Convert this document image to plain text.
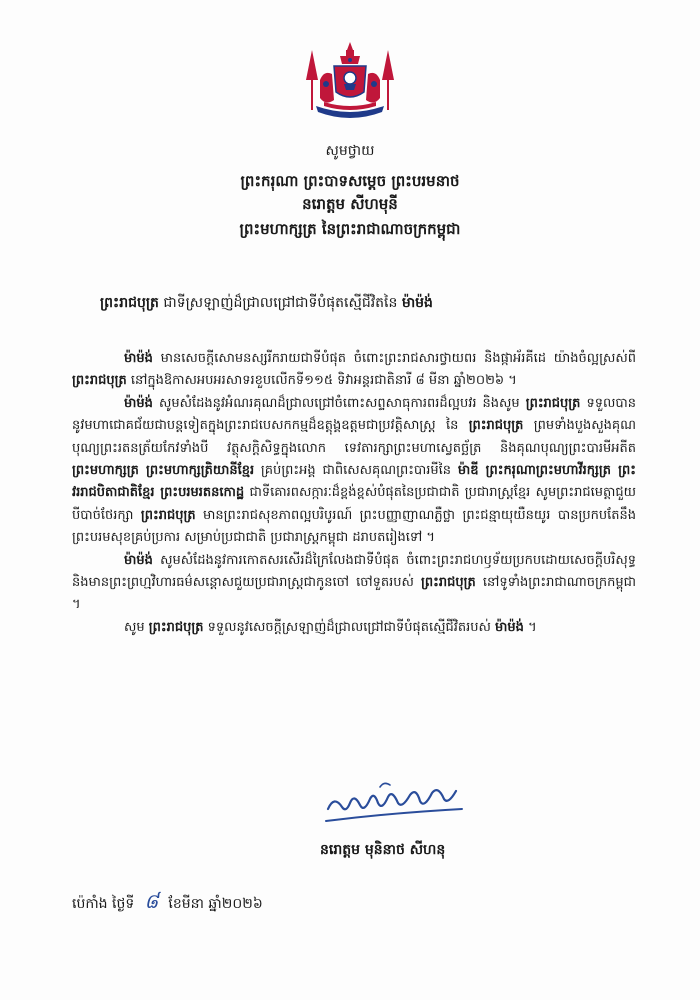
សូមថ្វាយ
ព្រះករុណា ព្រះបាទសម្តេច ព្រះបរមនាថ
នរោត្តម សីហមុនី
ព្រះមហាក្សត្រ នៃព្រះរាជាណាចក្រកម្ពុជា
ព្រះរាជបុត្រ ជាទីស្រឡាញ់ដ៏ជ្រាលជ្រៅជាទីបំផុតស្មើជីវិតនៃ ម៉ាម៉ង់

ម៉ាម៉ង់ មានសេចក្តីសោមនស្សរីករាយជាទីបំផុត ចំពោះព្រះរាជសារថ្វាយពរ និងផ្កាអ័រគីដេ យ៉ាងចំល្អស្រស់ពី ព្រះរាជបុត្រ នៅក្នុងឱកាសអបអរសាទរខួបលើកទី១១៥ ទិវាអន្តរជាតិនារី ៨ មីនា ឆ្នាំ២០២៦ ។

ម៉ាម៉ង់ សូមសំដែងនូវអំណរគុណដ៏ជ្រាលជ្រៅចំពោះសព្ទសាធុការពរដ៏ល្អបវរ និងសូម ព្រះរាជបុត្រ ទទួលបាននូវមហាជោគជ័យជាបន្តទៀតក្នុងព្រះរាជបេសកកម្មដ៏ឧត្តុង្គឧត្តមជាប្រវត្តិសាស្ត្រ នៃ ព្រះរាជបុត្រ ព្រមទាំងបួងសួងគុណបុណ្យព្រះរតនត្រ័យកែវទាំងបី វត្ថុសក្តិសិទ្ធក្នុងលោក ទេវតារក្សាព្រះមហាស្វេតច្ឆ័ត្រ និងគុណបុណ្យព្រះបារមីអតីត ព្រះមហាក្សត្រ ព្រះមហាក្សត្រិយានីខ្មែរ គ្រប់ព្រះអង្គ ជាពិសេសគុណព្រះបារមីនៃ ម៉ាឌី ព្រះករុណាព្រះមហាវីរក្សត្រ ព្រះវររាជបិតាជាតិខ្មែរ ព្រះបរមរតនកោដ្ឋ ជាទីគោរពសក្ការៈដ៏ខ្ពង់ខ្ពស់បំផុតនៃប្រជាជាតិ ប្រជារាស្ត្រខ្មែរ សូមព្រះរាជមេត្តាជួយបីបាច់ថែរក្សា ព្រះរាជបុត្រ មានព្រះរាជសុខភាពល្អបរិបូរណ៍ ព្រះបញ្ញាញាណភ្លឺថ្លា ព្រះជន្មាយុយឺនយូរ បានប្រកបតែនឹងព្រះបរមសុខគ្រប់ប្រការ សម្រាប់ប្រជាជាតិ ប្រជារាស្ត្រកម្ពុជា ដរាបតរៀងទៅ ។

ម៉ាម៉ង់ សូមសំដែងនូវការកោតសរសើរដ៏ក្រៃលែងជាទីបំផុត ចំពោះព្រះរាជហឫទ័យប្រកបដោយសេចក្តីបរិសុទ្ធ និងមានព្រះព្រហ្មវិហារធម៌សន្តោសជួយប្រជារាស្ត្រជាកូនចៅ ចៅទួតរបស់ ព្រះរាជបុត្រ នៅទូទាំងព្រះរាជាណាចក្រកម្ពុជា ។

សូម ព្រះរាជបុត្រ ទទួលនូវសេចក្តីស្រឡាញ់ដ៏ជ្រាលជ្រៅជាទីបំផុតស្មើជីវិតរបស់ ម៉ាម៉ង់ ។

នរោត្តម មុនិនាថ សីហនុ
ប៉េកាំង ថ្ងៃទី ៨ ខែមីនា ឆ្នាំ២០២៦
